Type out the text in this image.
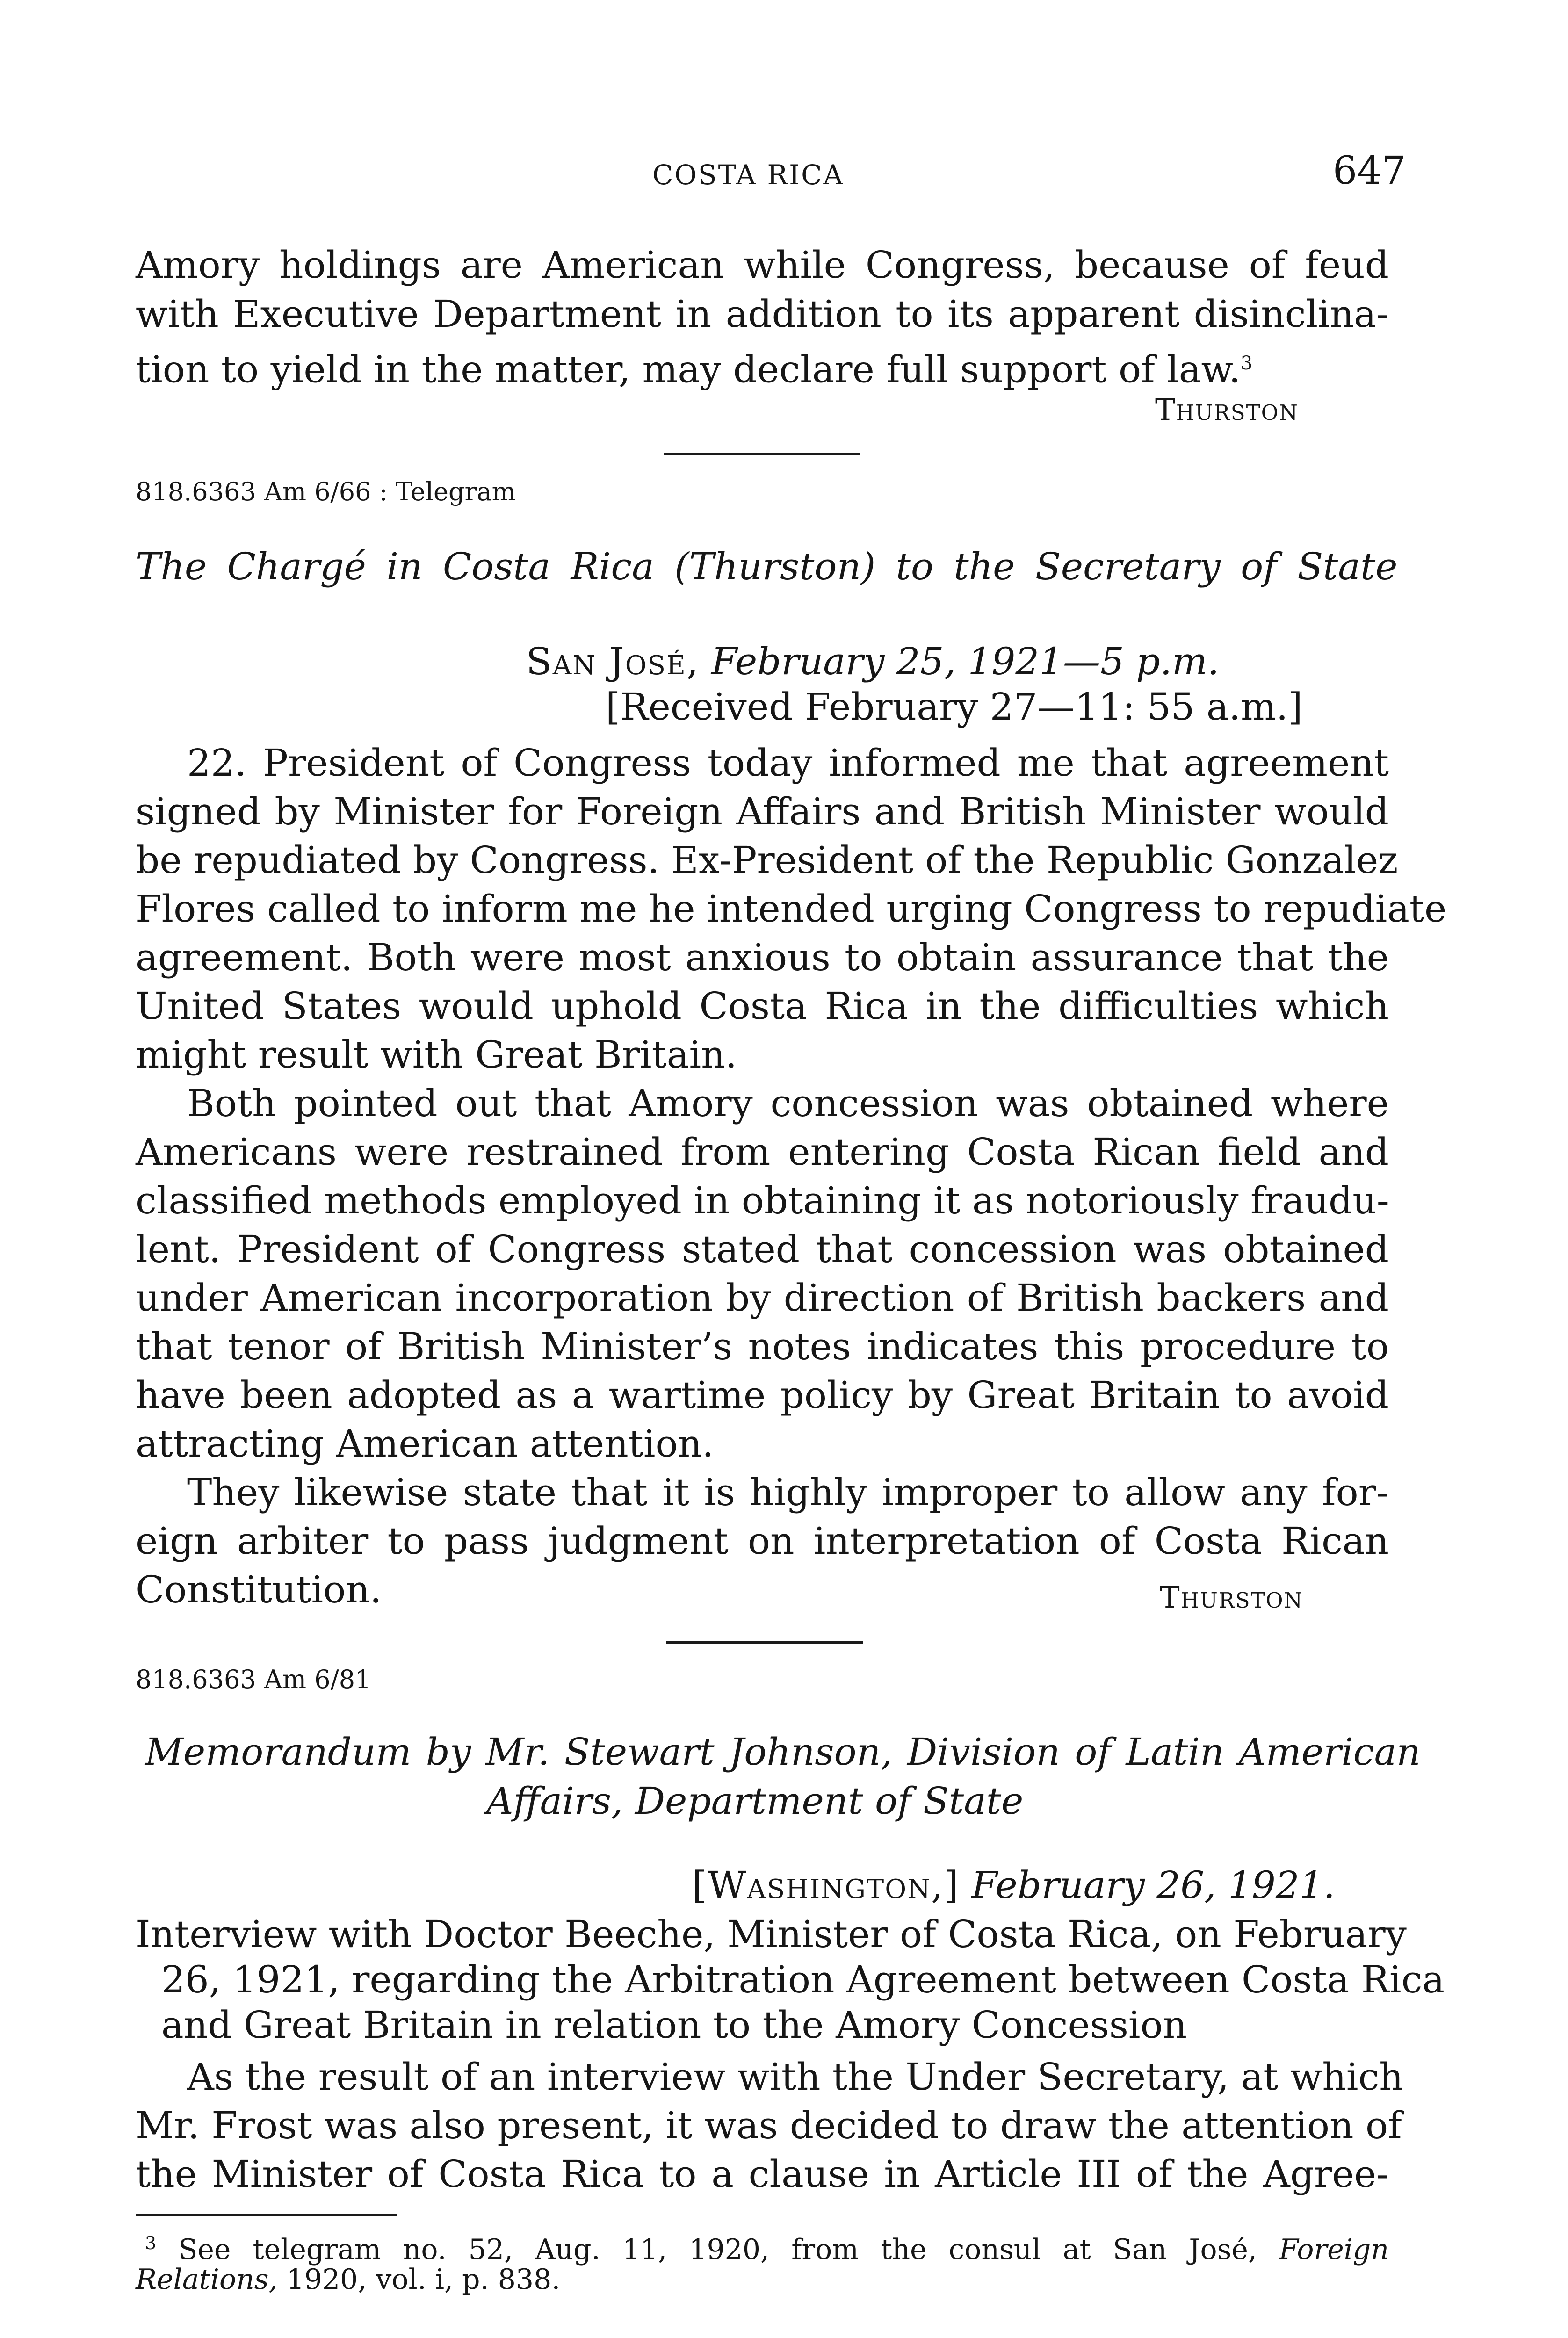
COSTA RICA	647
Amory holdings are American while Congress, because of feud
with Executive Department in addition to its apparent disinclina-
tion to yield in the matter, may declare full support of law.$^3$
Thurston
818.6363 Am 6/66 : Telegram
The Chargé in Costa Rica (Thurston) to the Secretary of State
San José, February 25, 1921—5 p.m.
[Received February 27—11: 55 a.m.]
22. President of Congress today informed me that agreement
signed by Minister for Foreign Affairs and British Minister would
be repudiated by Congress. Ex-President of the Republic Gonzalez
Flores called to inform me he intended urging Congress to repudiate
agreement. Both were most anxious to obtain assurance that the
United States would uphold Costa Rica in the difficulties which
might result with Great Britain.
Both pointed out that Amory concession was obtained where
Americans were restrained from entering Costa Rican field and
classified methods employed in obtaining it as notoriously fraudu-
lent. President of Congress stated that concession was obtained
under American incorporation by direction of British backers and
that tenor of British Minister’s notes indicates this procedure to
have been adopted as a wartime policy by Great Britain to avoid
attracting American attention.
They likewise state that it is highly improper to allow any for-
eign arbiter to pass judgment on interpretation of Costa Rican
Constitution.	Thurston
818.6363 Am 6/81
Memorandum by Mr. Stewart Johnson, Division of Latin American
Affairs, Department of State
[Washington,] February 26, 1921.
Interview with Doctor Beeche, Minister of Costa Rica, on February
26, 1921, regarding the Arbitration Agreement between Costa Rica
and Great Britain in relation to the Amory Concession
As the result of an interview with the Under Secretary, at which
Mr. Frost was also present, it was decided to draw the attention of
the Minister of Costa Rica to a clause in Article III of the Agree-
$^3$ See telegram no. 52, Aug. 11, 1920, from the consul at San José, Foreign
Relations, 1920, vol. i, p. 838.
